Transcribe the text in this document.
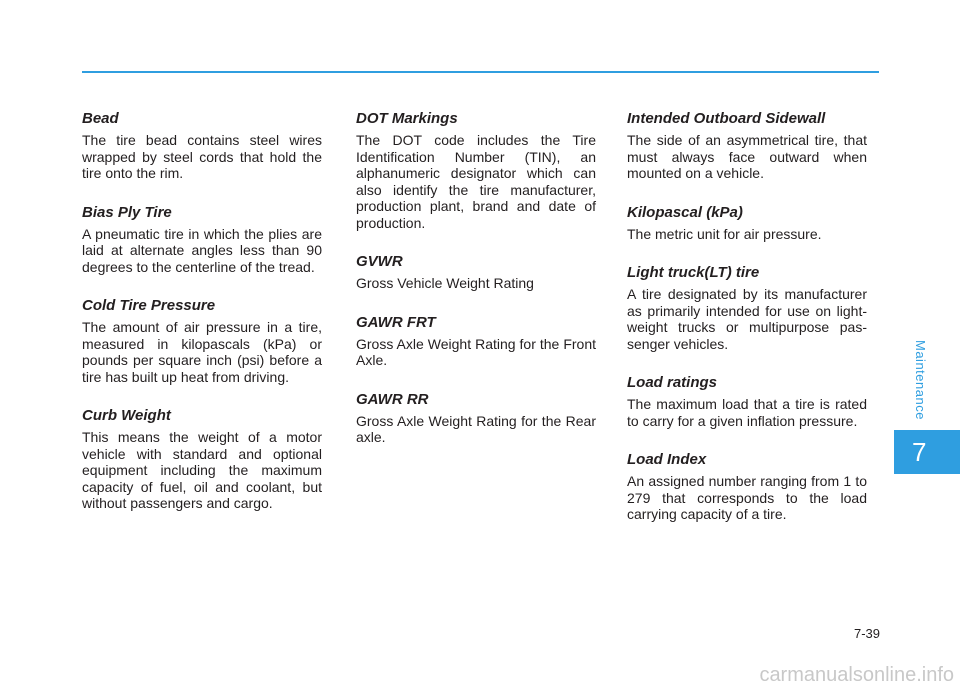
Bead

The tire bead contains steel wires wrapped by steel cords that hold the tire onto the rim.

Bias Ply Tire

A pneumatic tire in which the plies are laid at alternate angles less than 90 degrees to the centerline of the tread.

Cold Tire Pressure

The amount of air pressure in a tire, measured in kilopascals (kPa) or pounds per square inch (psi) before a tire has built up heat from driving.

Curb Weight

This means the weight of a motor vehicle with standard and optional equipment including the maximum capacity of fuel, oil and coolant, but without passengers and cargo.

DOT Markings

The DOT code includes the Tire Identification Number (TIN), an alphanumeric designator which can also identify the tire manufacturer, production plant, brand and date of production.

GVWR

Gross Vehicle Weight Rating

GAWR FRT

Gross Axle Weight Rating for the Front Axle.

GAWR RR

Gross Axle Weight Rating for the Rear axle.

Intended Outboard Sidewall

The side of an asymmetrical tire, that must always face outward when mounted on a vehicle.

Kilopascal (kPa)

The metric unit for air pressure.

Light truck(LT) tire

A tire designated by its manufacturer as primarily intended for use on light-weight trucks or multipurpose pas-senger vehicles.

Load ratings

The maximum load that a tire is rated to carry for a given inflation pressure.

Load Index

An assigned number ranging from 1 to 279 that corresponds to the load carrying capacity of a tire.

Maintenance
7
7-39
carmanualsonline.info
